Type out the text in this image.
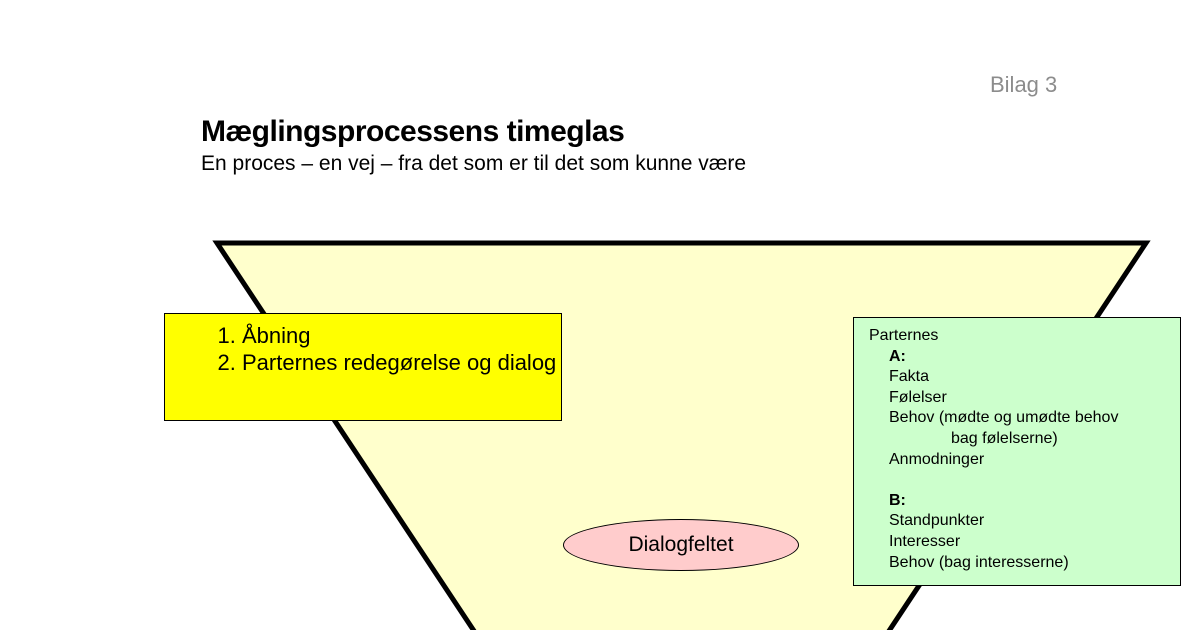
Bilag 3
Mæglingsprocessens timeglas
En proces – en vej – fra det som er til det som kunne være
1. Åbning
2. Parternes redegørelse og dialog
Parternes
A:
Fakta
Følelser
Behov (mødte og umødte behov
bag følelserne)
Anmodninger
B:
Standpunkter
Interesser
Behov (bag interesserne)
Dialogfeltet
